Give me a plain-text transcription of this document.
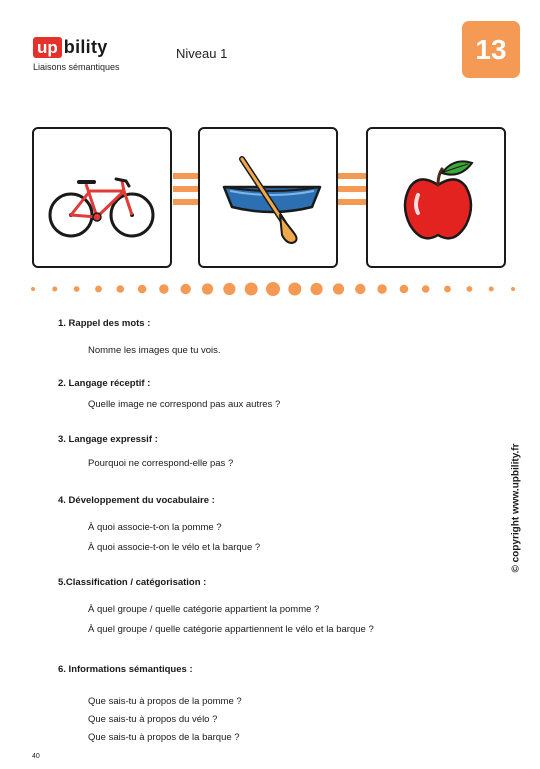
up bility
Liaisons sémantiques
Niveau 1	13
1. Rappel des mots :
Nomme les images que tu vois.
2. Langage réceptif :
Quelle image ne correspond pas aux autres ?
3. Langage expressif :
Pourquoi ne correspond-elle pas ?
4. Développement du vocabulaire :
À quoi associe-t-on la pomme ?
À quoi associe-t-on le vélo et la barque ?
5.Classification / catégorisation :
À quel groupe / quelle catégorie appartient la pomme ?
À quel groupe / quelle catégorie appartiennent le vélo et la barque ?
6. Informations sémantiques :
Que sais-tu à propos de la pomme ?
Que sais-tu à propos du vélo ?
Que sais-tu à propos de la barque ?
40
© copyright www.upbility.fr
